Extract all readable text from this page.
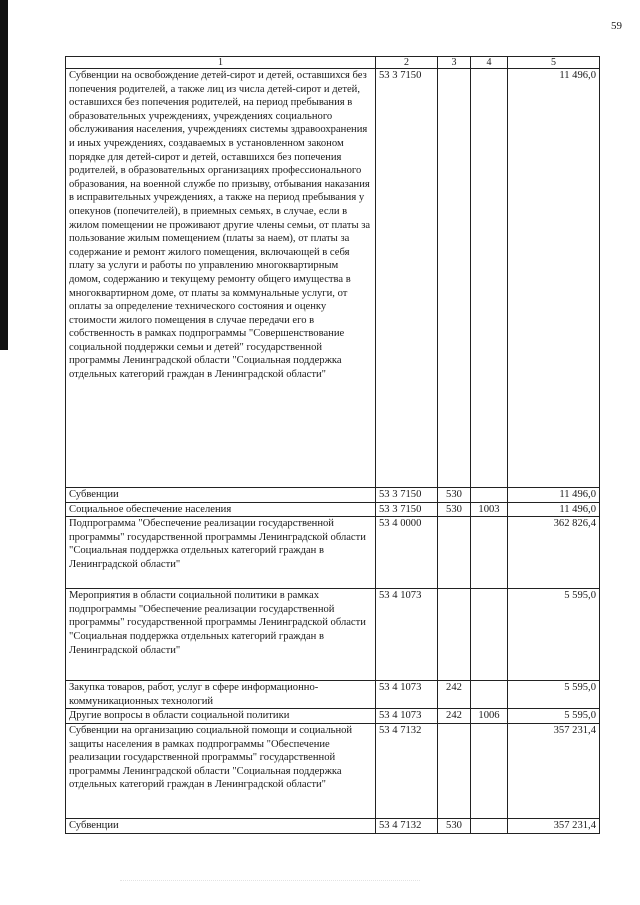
59
1	2	3	4	5
Субвенции на освобождение детей-сирот и детей, оставшихся без попечения родителей, а также лиц из числа детей-сирот и детей, оставшихся без попечения родителей, на период пребывания в образовательных учреждениях, учреждениях социального обслуживания населения, учреждениях системы здравоохранения и иных учреждениях, создаваемых в установленном законом порядке для детей-сирот и детей, оставшихся без попечения родителей, в образовательных организациях профессионального образования, на военной службе по призыву, отбывания наказания в исправительных учреждениях, а также на период пребывания у опекунов (попечителей), в приемных семьях, в случае, если в жилом помещении не проживают другие члены семьи, от платы за пользование жилым помещением (платы за наем), от платы за содержание и ремонт жилого помещения, включающей в себя плату за услуги и работы по управлению многоквартирным домом, содержанию и текущему ремонту общего имущества в многоквартирном доме, от платы за коммунальные услуги, от оплаты за определение технического состояния и оценку стоимости жилого помещения в случае передачи его в собственность в рамках подпрограммы "Совершенствование социальной поддержки семьи и детей" государственной программы Ленинградской области "Социальная поддержка отдельных категорий граждан в Ленинградской области"	53 3 7150			11 496,0
Субвенции	53 3 7150	530		11 496,0
Социальное обеспечение населения	53 3 7150	530	1003	11 496,0
Подпрограмма "Обеспечение реализации государственной программы" государственной программы Ленинградской области "Социальная поддержка отдельных категорий граждан в Ленинградской области"	53 4 0000			362 826,4
Мероприятия в области социальной политики в рамках подпрограммы "Обеспечение реализации государственной программы" государственной программы Ленинградской области "Социальная поддержка отдельных категорий граждан в Ленинградской области"	53 4 1073			5 595,0
Закупка товаров, работ, услуг в сфере информационно-коммуникационных технологий	53 4 1073	242		5 595,0
Другие вопросы в области социальной политики	53 4 1073	242	1006	5 595,0
Субвенции на организацию социальной помощи и социальной защиты населения в рамках подпрограммы "Обеспечение реализации государственной программы" государственной программы Ленинградской области "Социальная поддержка отдельных категорий граждан в Ленинградской области"	53 4 7132			357 231,4
Субвенции	53 4 7132	530		357 231,4
